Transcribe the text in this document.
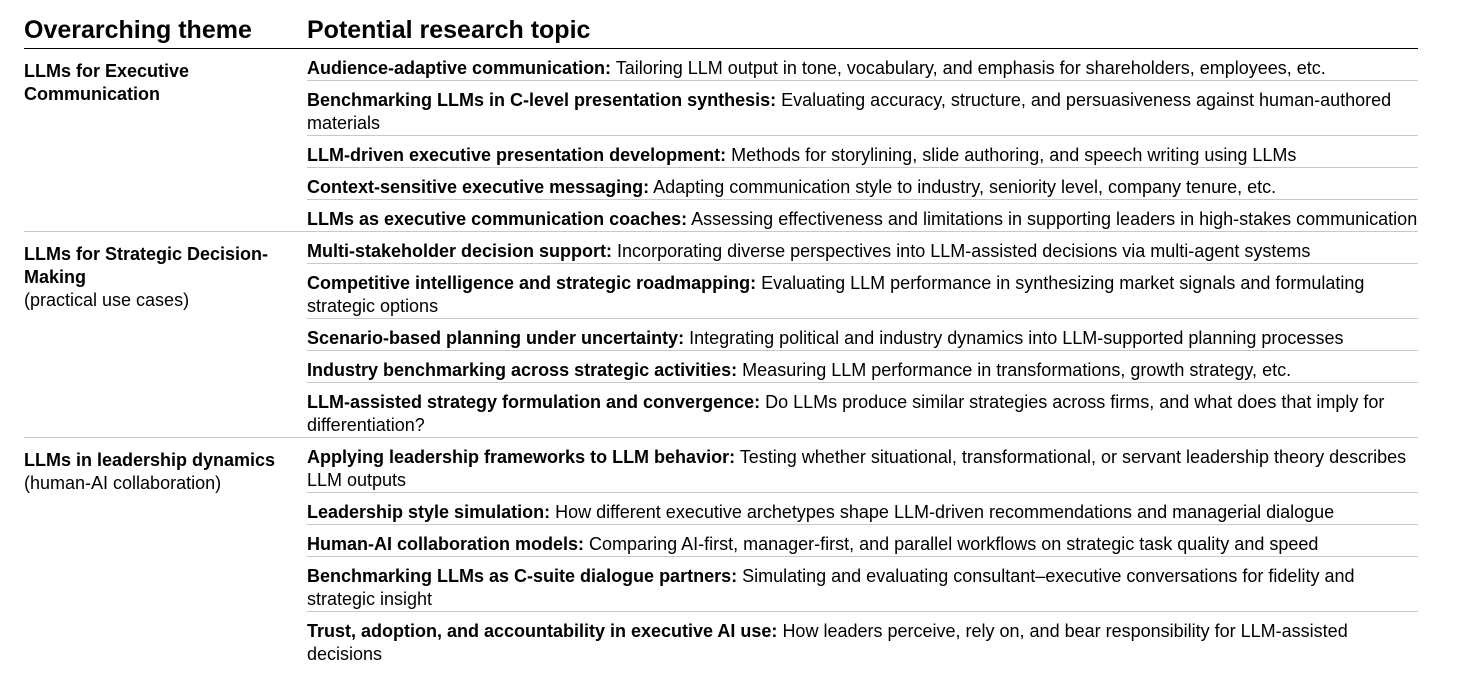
Overarching theme	Potential research topic
LLMs for Executive Communication
Audience-adaptive communication: Tailoring LLM output in tone, vocabulary, and emphasis for shareholders, employees, etc.
Benchmarking LLMs in C-level presentation synthesis: Evaluating accuracy, structure, and persuasiveness against human-authored materials
LLM-driven executive presentation development: Methods for storylining, slide authoring, and speech writing using LLMs
Context-sensitive executive messaging: Adapting communication style to industry, seniority level, company tenure, etc.
LLMs as executive communication coaches: Assessing effectiveness and limitations in supporting leaders in high-stakes communication
LLMs for Strategic Decision-Making
(practical use cases)
Multi-stakeholder decision support: Incorporating diverse perspectives into LLM-assisted decisions via multi-agent systems
Competitive intelligence and strategic roadmapping: Evaluating LLM performance in synthesizing market signals and formulating strategic options
Scenario-based planning under uncertainty: Integrating political and industry dynamics into LLM-supported planning processes
Industry benchmarking across strategic activities: Measuring LLM performance in transformations, growth strategy, etc.
LLM-assisted strategy formulation and convergence: Do LLMs produce similar strategies across firms, and what does that imply for differentiation?
LLMs in leadership dynamics
(human-AI collaboration)
Applying leadership frameworks to LLM behavior: Testing whether situational, transformational, or servant leadership theory describes LLM outputs
Leadership style simulation: How different executive archetypes shape LLM-driven recommendations and managerial dialogue
Human-AI collaboration models: Comparing AI-first, manager-first, and parallel workflows on strategic task quality and speed
Benchmarking LLMs as C-suite dialogue partners: Simulating and evaluating consultant–executive conversations for fidelity and strategic insight
Trust, adoption, and accountability in executive AI use: How leaders perceive, rely on, and bear responsibility for LLM-assisted decisions
